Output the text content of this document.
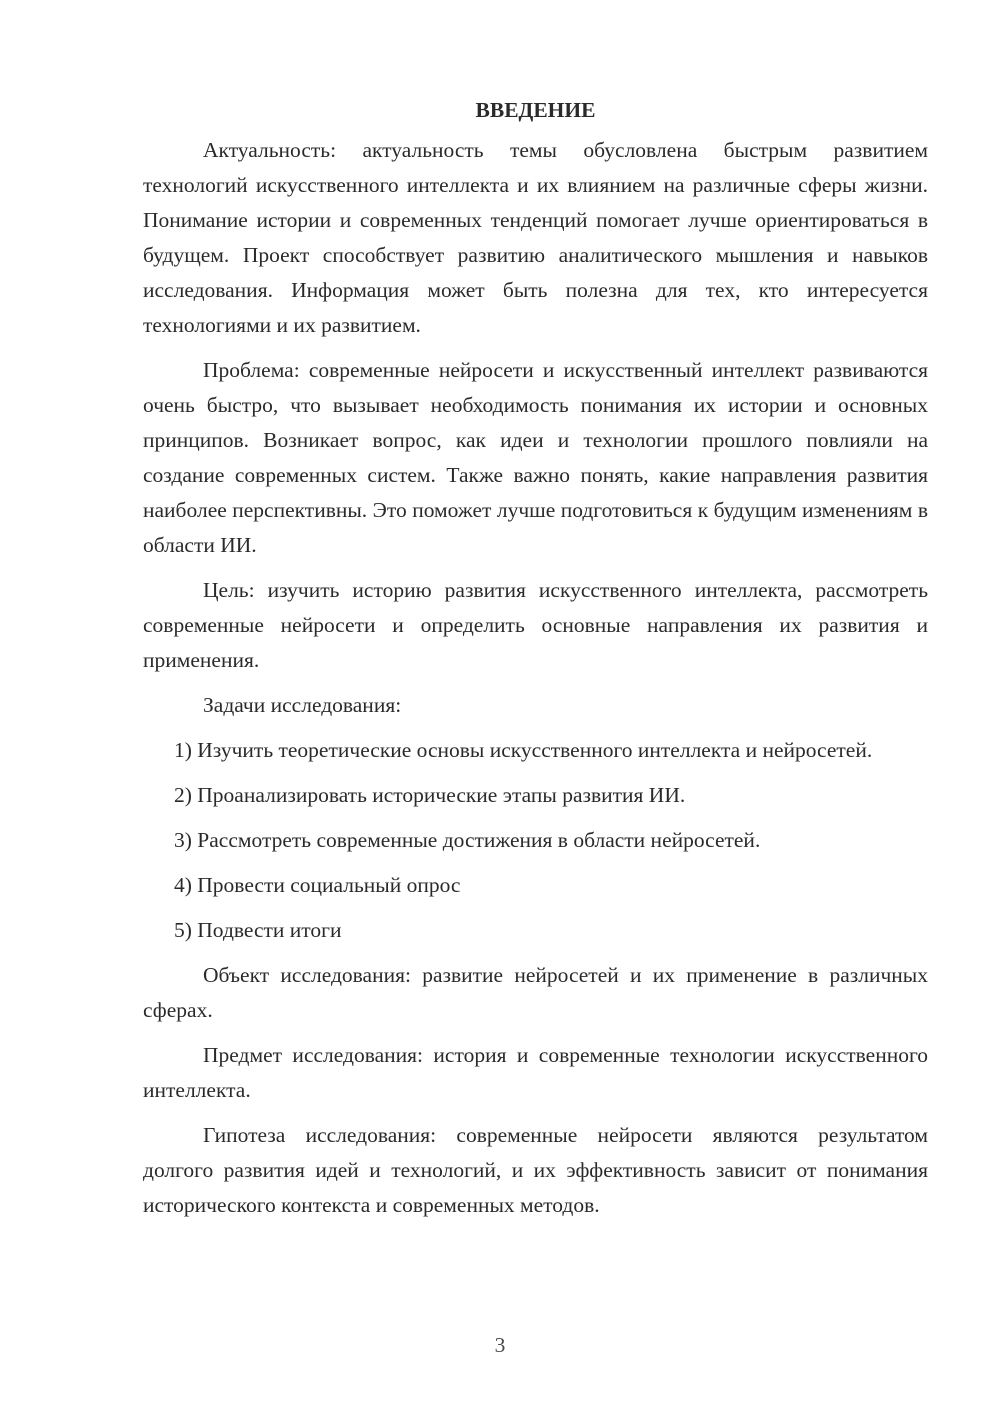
ВВЕДЕНИЕ

Актуальность: актуальность темы обусловлена быстрым развитием технологий искусственного интеллекта и их влиянием на различные сферы жизни. Понимание истории и современных тенденций помогает лучше ориентироваться в будущем. Проект способствует развитию аналитического мышления и навыков исследования. Информация может быть полезна для тех, кто интересуется технологиями и их развитием.

Проблема: современные нейросети и искусственный интеллект развиваются очень быстро, что вызывает необходимость понимания их истории и основных принципов. Возникает вопрос, как идеи и технологии прошлого повлияли на создание современных систем. Также важно понять, какие направления развития наиболее перспективны. Это поможет лучше подготовиться к будущим изменениям в области ИИ.

Цель: изучить историю развития искусственного интеллекта, рассмотреть современные нейросети и определить основные направления их развития и применения.

Задачи исследования:

1) Изучить теоретические основы искусственного интеллекта и нейросетей.

2) Проанализировать исторические этапы развития ИИ.

3) Рассмотреть современные достижения в области нейросетей.

4) Провести социальный опрос

5) Подвести итоги

Объект исследования: развитие нейросетей и их применение в различных сферах.

Предмет исследования: история и современные технологии искусственного интеллекта.

Гипотеза исследования: современные нейросети являются результатом долгого развития идей и технологий, и их эффективность зависит от понимания исторического контекста и современных методов.

3
